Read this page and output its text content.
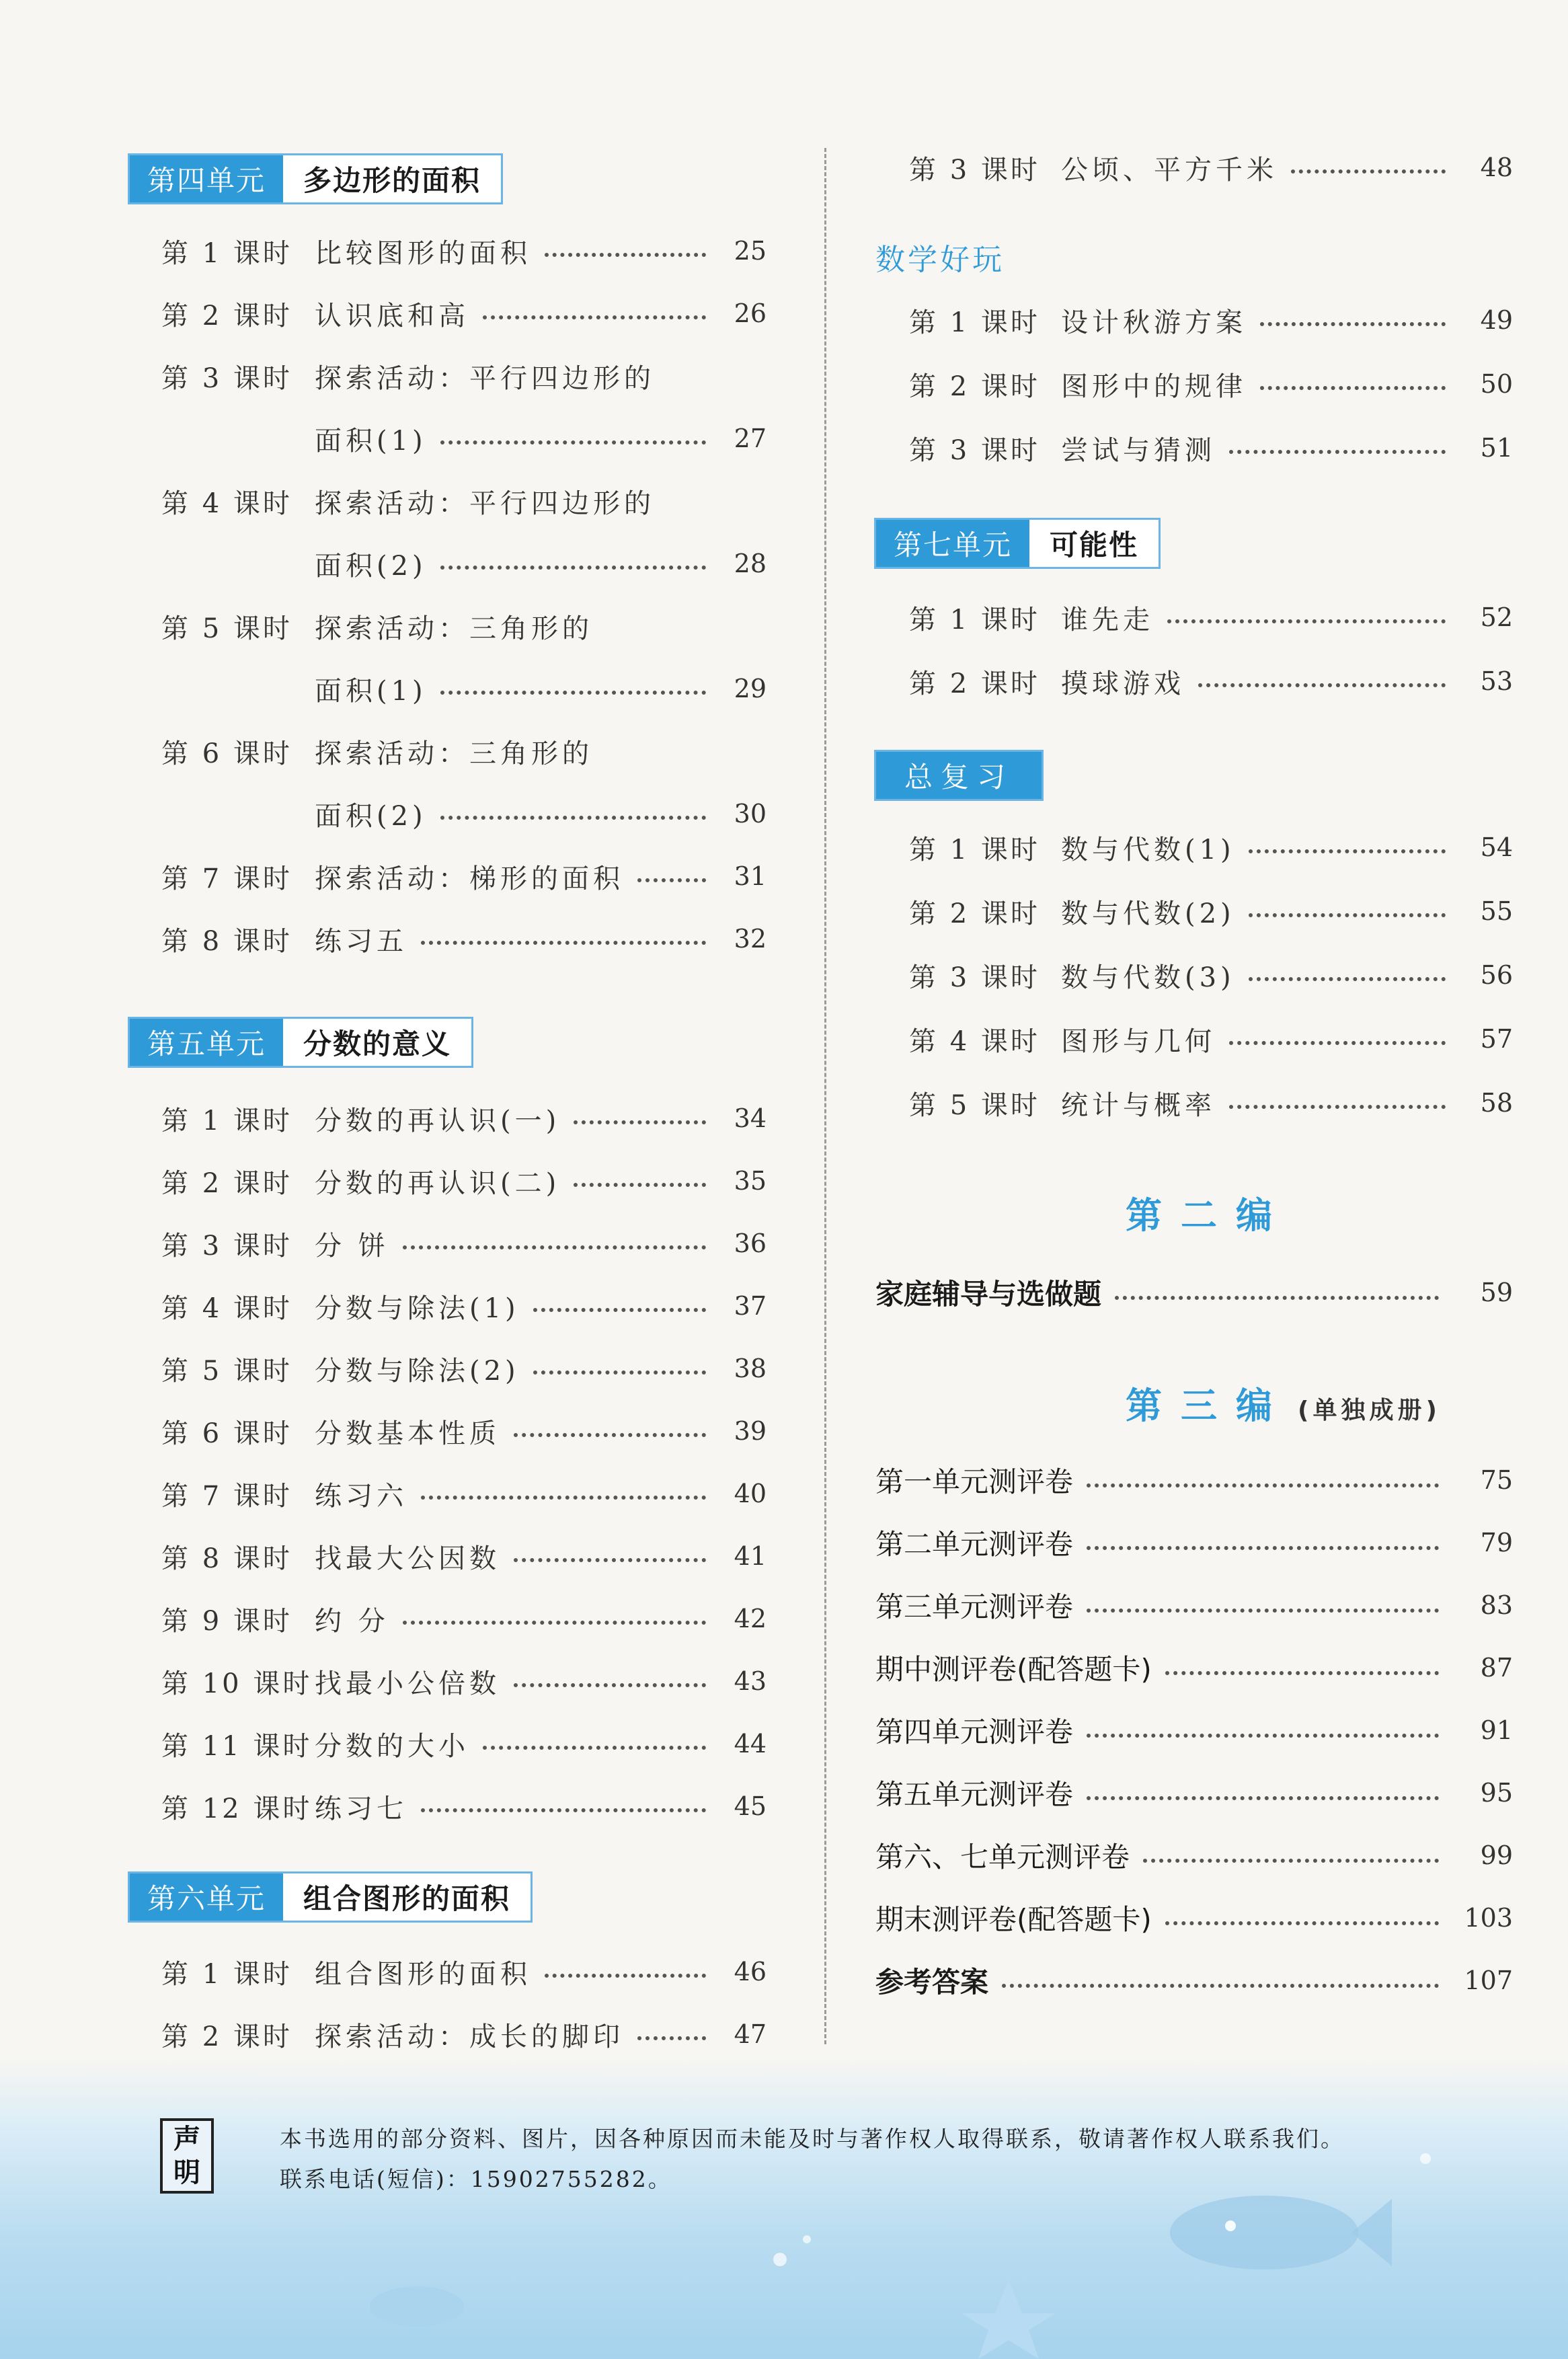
声
明
本书选用的部分资料、图片，因各种原因而未能及时与著作权人取得联系，敬请著作权人联系我们。
联系电话(短信)：15902755282。
第四单元	多边形的面积
第 1 课时 比较图形的面积	25
第 2 课时 认识底和高	26
第 3 课时 探索活动：平行四边形的
面积(1)	27
第 4 课时 探索活动：平行四边形的
面积(2)	28
第 5 课时 探索活动：三角形的
面积(1)	29
第 6 课时 探索活动：三角形的
面积(2)	30
第 7 课时 探索活动：梯形的面积	31
第 8 课时 练习五	32
第五单元	分数的意义
第 1 课时 分数的再认识(一)	34
第 2 课时 分数的再认识(二)	35
第 3 课时 分 饼	36
第 4 课时 分数与除法(1)	37
第 5 课时 分数与除法(2)	38
第 6 课时 分数基本性质	39
第 7 课时 练习六	40
第 8 课时 找最大公因数	41
第 9 课时 约 分	42
第 10 课时 找最小公倍数	43
第 11 课时 分数的大小	44
第 12 课时 练习七	45
第六单元	组合图形的面积
第 1 课时 组合图形的面积	46
第 2 课时 探索活动：成长的脚印	47
第 3 课时 公顷、平方千米	48
数学好玩
第 1 课时 设计秋游方案	49
第 2 课时 图形中的规律	50
第 3 课时 尝试与猜测	51
第七单元	可能性
第 1 课时 谁先走	52
第 2 课时 摸球游戏	53
总复习
第 1 课时 数与代数(1)	54
第 2 课时 数与代数(2)	55
第 3 课时 数与代数(3)	56
第 4 课时 图形与几何	57
第 5 课时 统计与概率	58
第二编
家庭辅导与选做题	59
第三编 (单独成册)
第一单元测评卷	75
第二单元测评卷	79
第三单元测评卷	83
期中测评卷(配答题卡)	87
第四单元测评卷	91
第五单元测评卷	95
第六、七单元测评卷	99
期末测评卷(配答题卡)	103
参考答案	107
